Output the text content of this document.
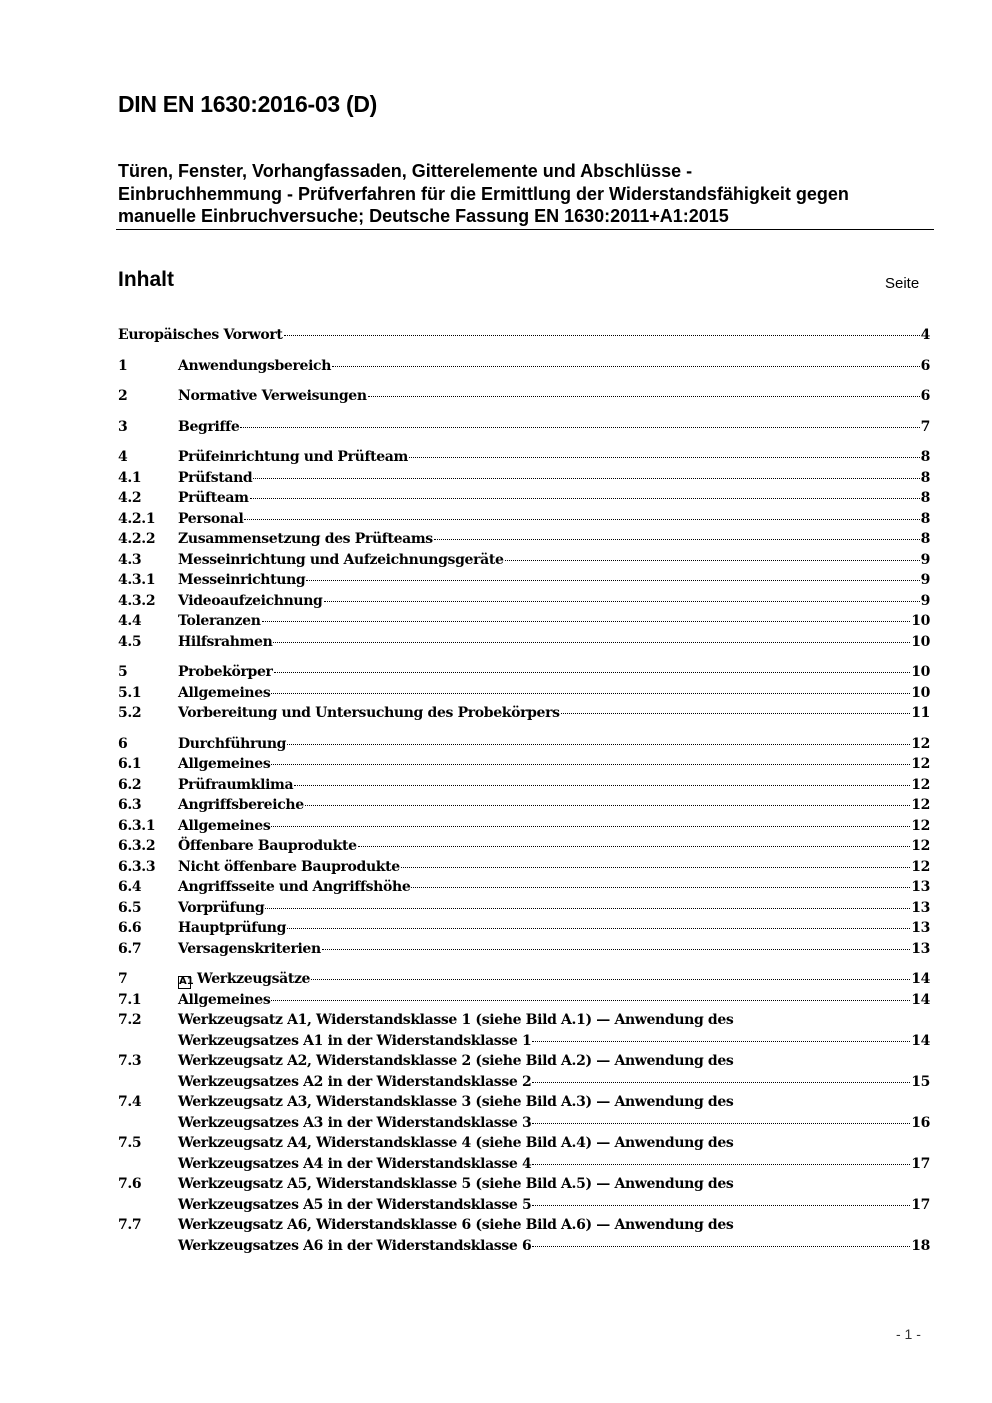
DIN EN 1630:2016-03 (D)
Türen, Fenster, Vorhangfassaden, Gitterelemente und Abschlüsse -
Einbruchhemmung - Prüfverfahren für die Ermittlung der Widerstandsfähigkeit gegen
manuelle Einbruchversuche; Deutsche Fassung EN 1630:2011+A1:2015
Inhalt	Seite
Europäisches Vorwort	4
1	Anwendungsbereich	6
2	Normative Verweisungen	6
3	Begriffe	7
4	Prüfeinrichtung und Prüfteam	8
4.1	Prüfstand	8
4.2	Prüfteam	8
4.2.1 Personal	8
4.2.2 Zusammensetzung des Prüfteams	8
4.3	Messeinrichtung und Aufzeichnungsgeräte	9
4.3.1 Messeinrichtung	9
4.3.2 Videoaufzeichnung	9
4.4	Toleranzen	10
4.5	Hilfsrahmen	10
5	Probekörper	10
5.1	Allgemeines	10
5.2	Vorbereitung und Untersuchung des Probekörpers	11
6	Durchführung	12
6.1	Allgemeines	12
6.2	Prüfraumklima	12
6.3	Angriffsbereiche	12
6.3.1 Allgemeines	12
6.3.2 Öffenbare Bauprodukte	12
6.3.3 Nicht öffenbare Bauprodukte	12
6.4	Angriffsseite und Angriffshöhe	13
6.5	Vorprüfung	13
6.6	Hauptprüfung	13
6.7	Versagenskriterien	13
7	A1 Werkzeugsätze	14
7.1	Allgemeines	14
7.2	Werkzeugsatz A1, Widerstandsklasse 1 (siehe Bild A.1) — Anwendung des
Werkzeugsatzes A1 in der Widerstandsklasse 1	14
7.3	Werkzeugsatz A2, Widerstandsklasse 2 (siehe Bild A.2) — Anwendung des
Werkzeugsatzes A2 in der Widerstandsklasse 2	15
7.4	Werkzeugsatz A3, Widerstandsklasse 3 (siehe Bild A.3) — Anwendung des
Werkzeugsatzes A3 in der Widerstandsklasse 3	16
7.5	Werkzeugsatz A4, Widerstandsklasse 4 (siehe Bild A.4) — Anwendung des
Werkzeugsatzes A4 in der Widerstandsklasse 4	17
7.6	Werkzeugsatz A5, Widerstandsklasse 5 (siehe Bild A.5) — Anwendung des
Werkzeugsatzes A5 in der Widerstandsklasse 5	17
7.7	Werkzeugsatz A6, Widerstandsklasse 6 (siehe Bild A.6) — Anwendung des
Werkzeugsatzes A6 in der Widerstandsklasse 6	18
- 1 -
